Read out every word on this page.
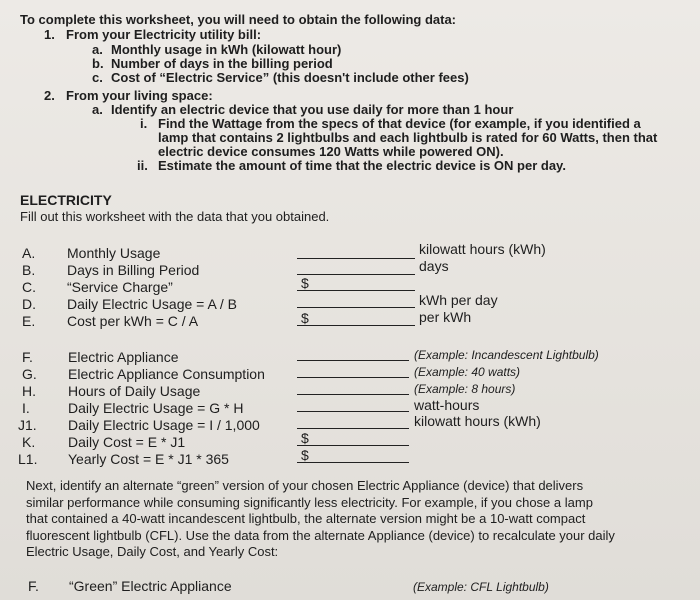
To complete this worksheet, you will need to obtain the following data:
1. From your Electricity utility bill:
a. Monthly usage in kWh (kilowatt hour)
b. Number of days in the billing period
c. Cost of “Electric Service” (this doesn't include other fees)
2. From your living space:
a. Identify an electric device that you use daily for more than 1 hour
i. Find the Wattage from the specs of that device (for example, if you identified a
lamp that contains 2 lightbulbs and each lightbulb is rated for 60 Watts, then that
electric device consumes 120 Watts while powered ON).
ii. Estimate the amount of time that the electric device is ON per day.
ELECTRICITY
Fill out this worksheet with the data that you obtained.
A. Monthly Usage	kilowatt hours (kWh)
B. Days in Billing Period	days
C. “Service Charge”	$
D. Daily Electric Usage = A / B	kWh per day
E. Cost per kWh = C / A	$	per kWh
F.	Electric Appliance	(Example: Incandescent Lightbulb)
G. Electric Appliance Consumption	(Example: 40 watts)
H. Hours of Daily Usage	(Example: 8 hours)
I.	Daily Electric Usage = G * H	watt-hours
J1. Daily Electric Usage = I / 1,000	kilowatt hours (kWh)
K. Daily Cost = E * J1	$
L1. Yearly Cost = E * J1 * 365	$

Next, identify an alternate “green” version of your chosen Electric Appliance (device) that delivers similar performance while consuming significantly less electricity. For example, if you chose a lamp that contained a 40-watt incandescent lightbulb, the alternate version might be a 10-watt compact fluorescent lightbulb (CFL). Use the data from the alternate Appliance (device) to recalculate your daily Electric Usage, Daily Cost, and Yearly Cost:

F. “Green” Electric Appliance	(Example: CFL Lightbulb)
